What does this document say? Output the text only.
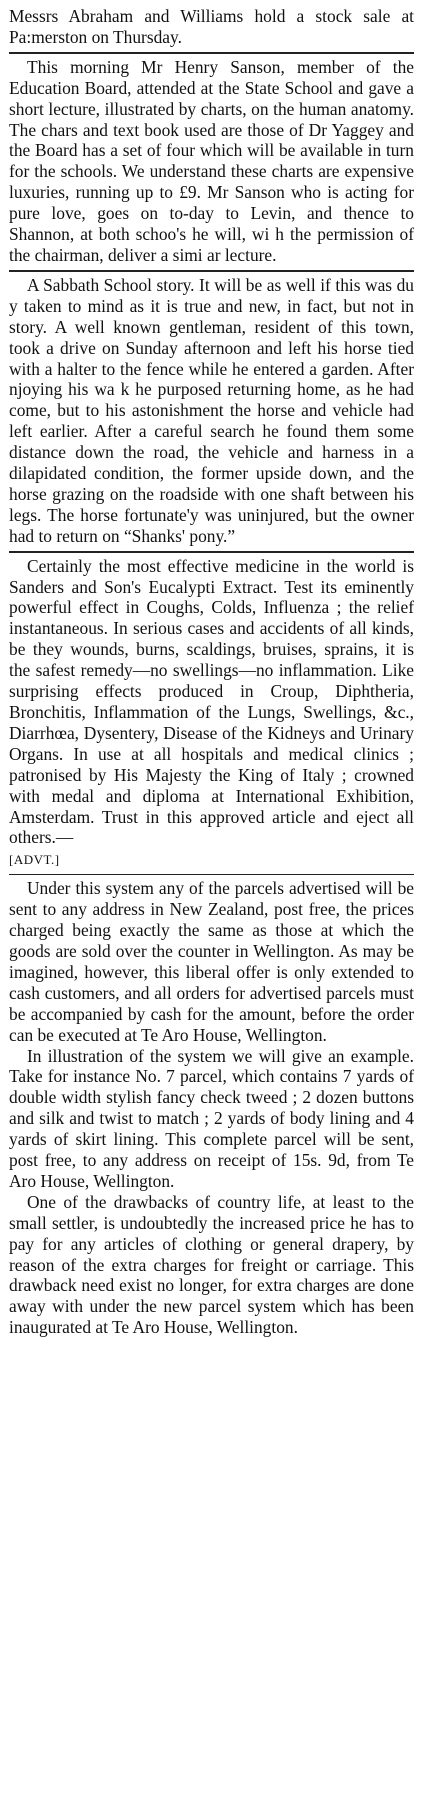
Messrs Abraham and Williams hold a stock sale at Pa:merston on Thursday.

This morning Mr Henry Sanson, member of the Education Board, attended at the State School and gave a short lecture, illustrated by charts, on the human anatomy. The chars and text book used are those of Dr Yaggey and the Board has a set of four which will be available in turn for the schools. We understand these charts are expensive luxuries, running up to £9. Mr Sanson who is acting for pure love, goes on to-day to Levin, and thence to Shannon, at both schoo's he will, wi h the permission of the chairman, deliver a simi ar lecture.

A Sabbath School story. It will be as well if this was du y taken to mind as it is true and new, in fact, but not in story. A well known gentleman, resident of this town, took a drive on Sunday afternoon and left his horse tied with a halter to the fence while he entered a garden. After njoying his wa k he purposed returning home, as he had come, but to his astonishment the horse and vehicle had left earlier. After a careful search he found them some distance down the road, the vehicle and harness in a dilapidated condition, the former upside down, and the horse grazing on the roadside with one shaft between his legs. The horse fortunate'y was uninjured, but the owner had to return on “Shanks' pony.”

Certainly the most effective medicine in the world is Sanders and Son's Eucalypti Extract. Test its eminently powerful effect in Coughs, Colds, Influenza ; the relief instantaneous. In serious cases and accidents of all kinds, be they wounds, burns, scaldings, bruises, sprains, it is the safest remedy—no swellings—no inflammation. Like surprising effects produced in Croup, Diphtheria, Bronchitis, Inflammation of the Lungs, Swellings, &c., Diarrhœa, Dysentery, Disease of the Kidneys and Urinary Organs. In use at all hospitals and medical clinics ; patronised by His Majesty the King of Italy ; crowned with medal and diploma at International Exhibition, Amsterdam. Trust in this approved article and eject all others.—
[ADVT.]

Under this system any of the parcels advertised will be sent to any address in New Zealand, post free, the prices charged being exactly the same as those at which the goods are sold over the counter in Wellington. As may be imagined, however, this liberal offer is only extended to cash customers, and all orders for advertised parcels must be accompanied by cash for the amount, before the order can be executed at Te Aro House, Wellington.

In illustration of the system we will give an example. Take for instance No. 7 parcel, which contains 7 yards of double width stylish fancy check tweed ; 2 dozen buttons and silk and twist to match ; 2 yards of body lining and 4 yards of skirt lining. This complete parcel will be sent, post free, to any address on receipt of 15s. 9d, from Te Aro House, Wellington.

One of the drawbacks of country life, at least to the small settler, is undoubtedly the increased price he has to pay for any articles of clothing or general drapery, by reason of the extra charges for freight or carriage. This drawback need exist no longer, for extra charges are done away with under the new parcel system which has been inaugurated at Te Aro House, Wellington.
